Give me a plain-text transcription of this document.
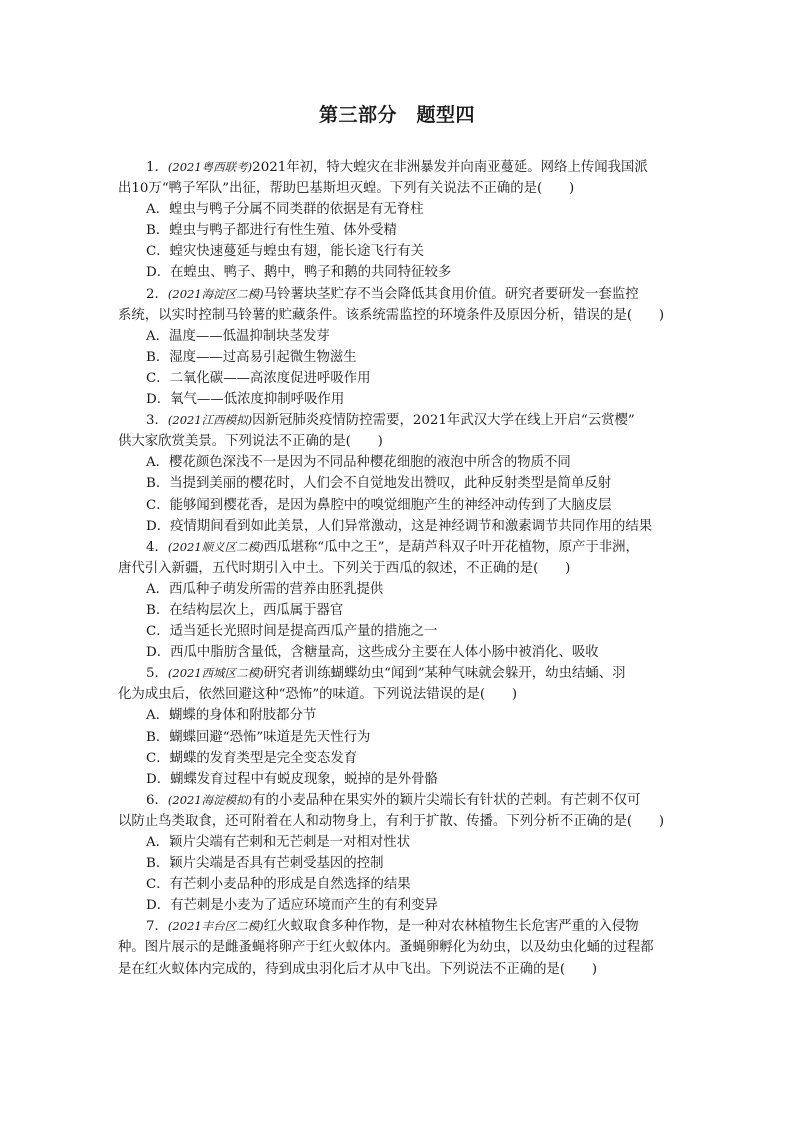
第三部分　题型四
1．(2021粤西联考)2021年初，特大蝗灾在非洲暴发并向南亚蔓延。网络上传闻我国派
出10万“鸭子军队”出征，帮助巴基斯坦灭蝗。下列有关说法不正确的是(　　)
A．蝗虫与鸭子分属不同类群的依据是有无脊柱
B．蝗虫与鸭子都进行有性生殖、体外受精
C．蝗灾快速蔓延与蝗虫有翅，能长途飞行有关
D．在蝗虫、鸭子、鹅中，鸭子和鹅的共同特征较多
2．(2021海淀区二模)马铃薯块茎贮存不当会降低其食用价值。研究者要研发一套监控
系统，以实时控制马铃薯的贮藏条件。该系统需监控的环境条件及原因分析，错误的是(　　)
A．温度——低温抑制块茎发芽
B．湿度——过高易引起微生物滋生
C．二氧化碳——高浓度促进呼吸作用
D．氧气——低浓度抑制呼吸作用
3．(2021江西模拟)因新冠肺炎疫情防控需要，2021年武汉大学在线上开启“云赏樱”
供大家欣赏美景。下列说法不正确的是(　　)
A．樱花颜色深浅不一是因为不同品种樱花细胞的液泡中所含的物质不同
B．当提到美丽的樱花时，人们会不自觉地发出赞叹，此种反射类型是简单反射
C．能够闻到樱花香，是因为鼻腔中的嗅觉细胞产生的神经冲动传到了大脑皮层
D．疫情期间看到如此美景，人们异常激动，这是神经调节和激素调节共同作用的结果
4．(2021顺义区二模)西瓜堪称“瓜中之王”，是葫芦科双子叶开花植物，原产于非洲，
唐代引入新疆，五代时期引入中土。下列关于西瓜的叙述，不正确的是(　　)
A．西瓜种子萌发所需的营养由胚乳提供
B．在结构层次上，西瓜属于器官
C．适当延长光照时间是提高西瓜产量的措施之一
D．西瓜中脂肪含量低，含糖量高，这些成分主要在人体小肠中被消化、吸收
5．(2021西城区二模)研究者训练蝴蝶幼虫“闻到”某种气味就会躲开，幼虫结蛹、羽
化为成虫后，依然回避这种“恐怖”的味道。下列说法错误的是(　　)
A．蝴蝶的身体和附肢都分节
B．蝴蝶回避“恐怖”味道是先天性行为
C．蝴蝶的发育类型是完全变态发育
D．蝴蝶发育过程中有蜕皮现象，蜕掉的是外骨骼
6．(2021海淀模拟)有的小麦品种在果实外的颖片尖端长有针状的芒刺。有芒刺不仅可
以防止鸟类取食，还可附着在人和动物身上，有利于扩散、传播。下列分析不正确的是(　　)
A．颖片尖端有芒刺和无芒刺是一对相对性状
B．颖片尖端是否具有芒刺受基因的控制
C．有芒刺小麦品种的形成是自然选择的结果
D．有芒刺是小麦为了适应环境而产生的有利变异
7．(2021丰台区二模)红火蚁取食多种作物，是一种对农林植物生长危害严重的入侵物
种。图片展示的是雌蚤蝇将卵产于红火蚁体内。蚤蝇卵孵化为幼虫，以及幼虫化蛹的过程都
是在红火蚁体内完成的，待到成虫羽化后才从中飞出。下列说法不正确的是(　　)
